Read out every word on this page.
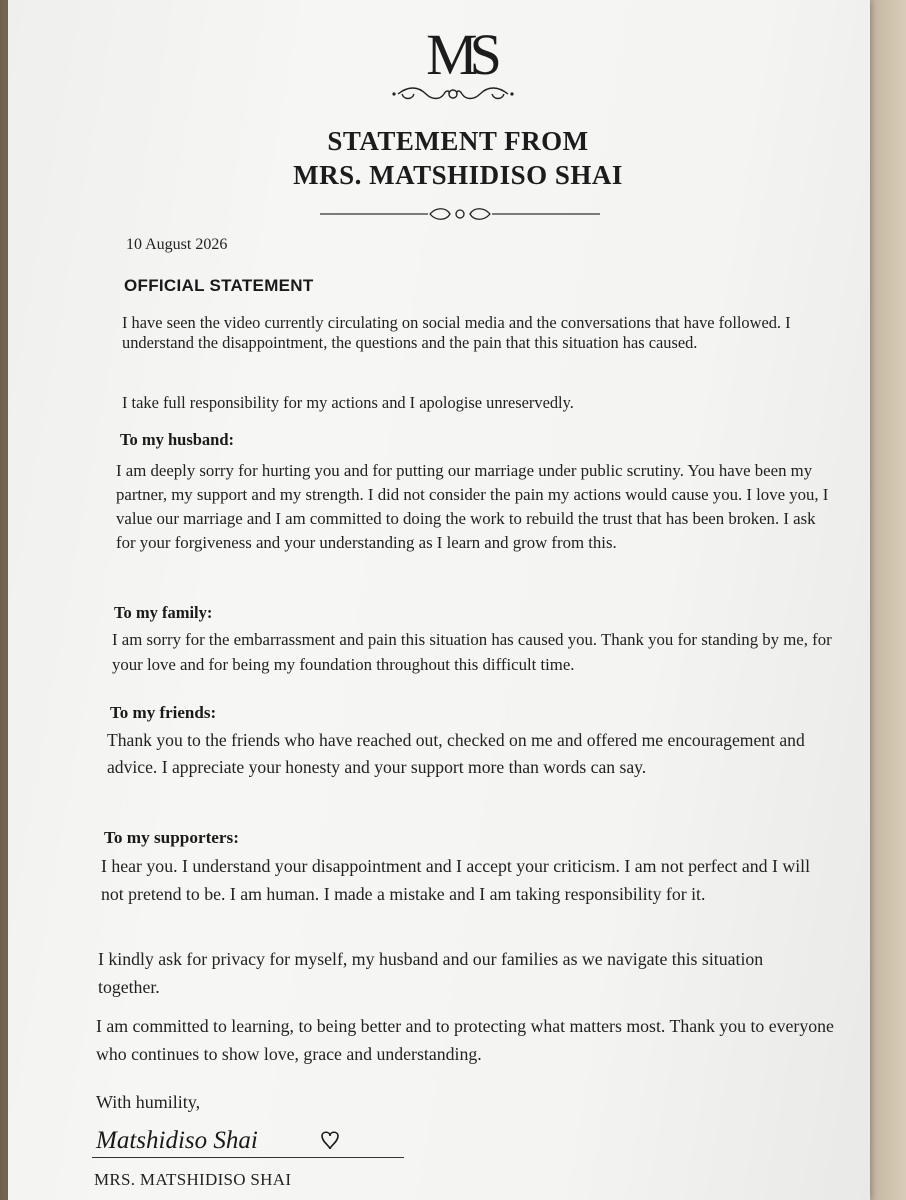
MS
STATEMENT FROM
MRS. MATSHIDISO SHAI
10 August 2026
OFFICIAL STATEMENT
I have seen the video currently circulating on social media and the conversations that have followed. I understand the disappointment, the questions and the pain that this situation has caused.
I take full responsibility for my actions and I apologise unreservedly.
To my husband:
I am deeply sorry for hurting you and for putting our marriage under public scrutiny. You have been my partner, my support and my strength. I did not consider the pain my actions would cause you. I love you, I value our marriage and I am committed to doing the work to rebuild the trust that has been broken. I ask for your forgiveness and your understanding as I learn and grow from this.
To my family:
I am sorry for the embarrassment and pain this situation has caused you. Thank you for standing by me, for your love and for being my foundation throughout this difficult time.
To my friends:
Thank you to the friends who have reached out, checked on me and offered me encouragement and advice. I appreciate your honesty and your support more than words can say.
To my supporters:
I hear you. I understand your disappointment and I accept your criticism. I am not perfect and I will not pretend to be. I am human. I made a mistake and I am taking responsibility for it.
I kindly ask for privacy for myself, my husband and our families as we navigate this situation together.
I am committed to learning, to being better and to protecting what matters most. Thank you to everyone who continues to show love, grace and understanding.
With humility,
Matshidiso Shai
MRS. MATSHIDISO SHAI
